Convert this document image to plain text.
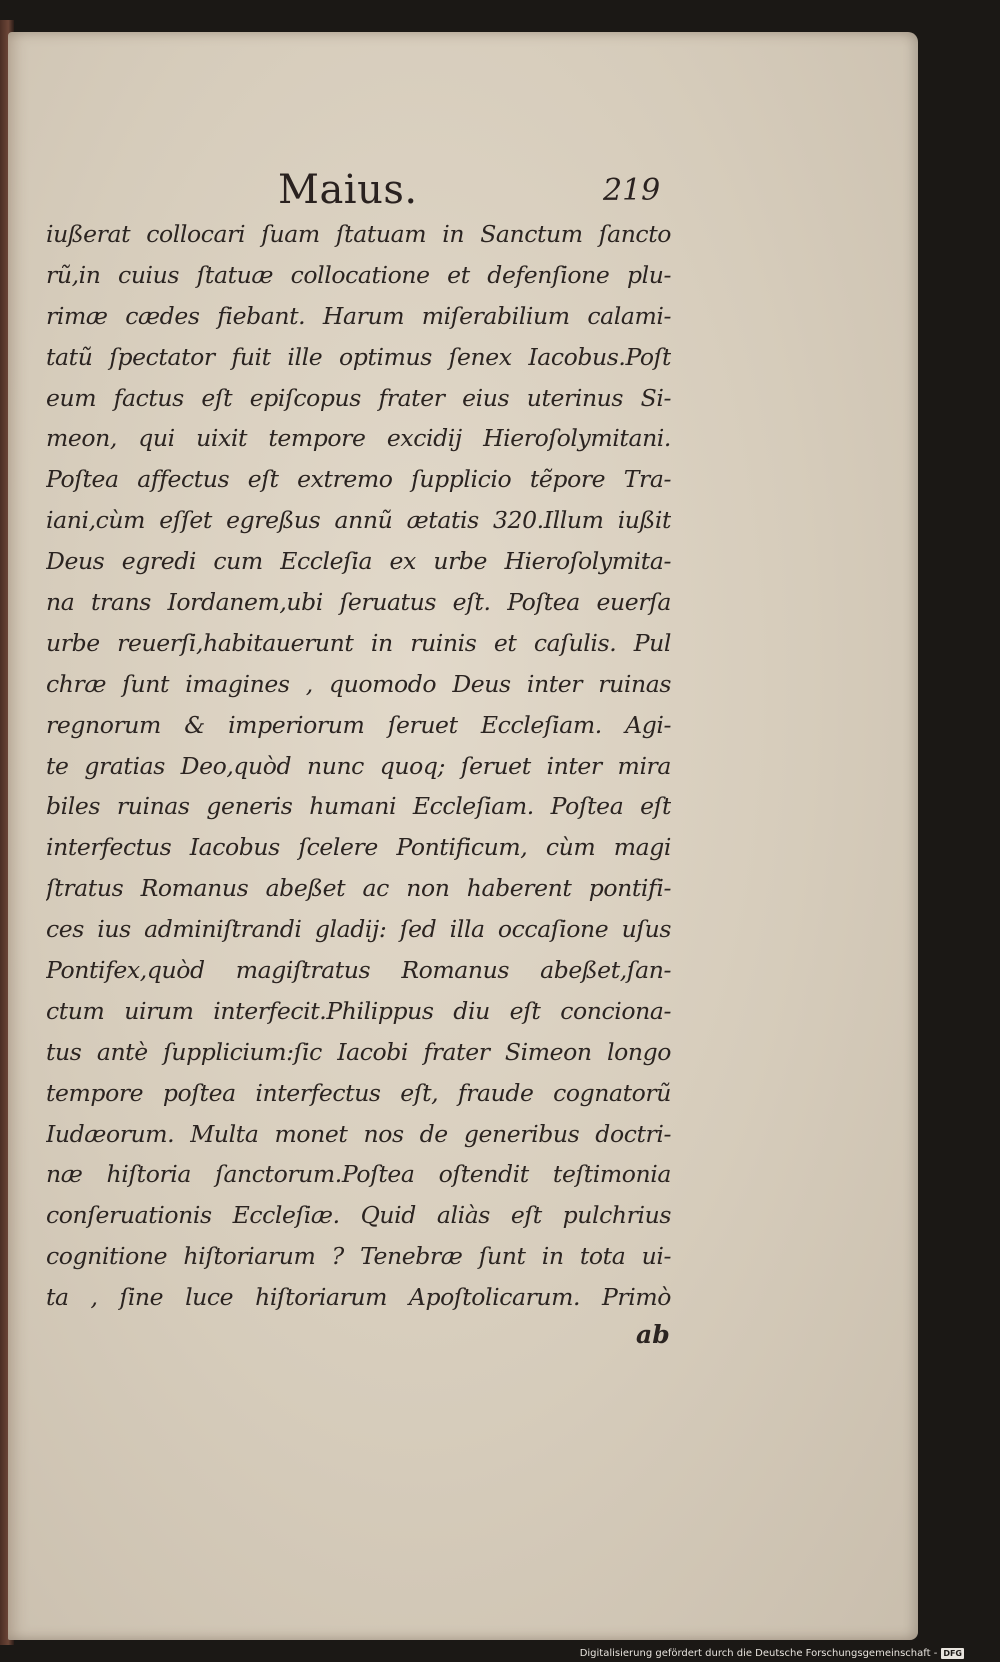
Maius.	219
iußerat collocari ſuam ſtatuam in Sanctum ſancto
rũ,in cuius ſtatuæ collocatione et defenſione plu-
rimæ cædes fiebant. Harum miſerabilium calami-
tatũ ſpectator fuit ille optimus ſenex Iacobus.Poſt
eum factus eſt epiſcopus frater eius uterinus Si-
meon, qui uixit tempore excidij Hieroſolymitani.
Poſtea affectus eſt extremo ſupplicio tẽpore Tra-
iani,cùm eſſet egreßus annũ ætatis 320.Illum iußit
Deus egredi cum Eccleſia ex urbe Hieroſolymita-
na trans Iordanem,ubi ſeruatus eſt. Poſtea euerſa
urbe reuerſi,habitauerunt in ruinis et caſulis. Pul
chræ ſunt imagines , quomodo Deus inter ruinas
regnorum & imperiorum ſeruet Eccleſiam. Agi-
te gratias Deo,quòd nunc quoq; ſeruet inter mira
biles ruinas generis humani Eccleſiam. Poſtea eſt
interfectus Iacobus ſcelere Pontificum, cùm magi
ſtratus Romanus abeßet ac non haberent pontifi-
ces ius adminiſtrandi gladij: ſed illa occaſione uſus
Pontifex,quòd magiſtratus Romanus abeßet,ſan-
ctum uirum interfecit.Philippus diu eſt conciona-
tus antè ſupplicium:ſic Iacobi frater Simeon longo
tempore poſtea interfectus eſt, fraude cognatorũ
Iudæorum. Multa monet nos de generibus doctri-
næ hiſtoria ſanctorum.Poſtea oſtendit teſtimonia
conſeruationis Eccleſiæ. Quid aliàs eſt pulchrius
cognitione hiſtoriarum ? Tenebræ ſunt in tota ui-
ta , ſine luce hiſtoriarum Apoſtolicarum. Primò
ab
Digitalisierung gefördert durch die Deutsche Forschungsgemeinschaft - DFG
